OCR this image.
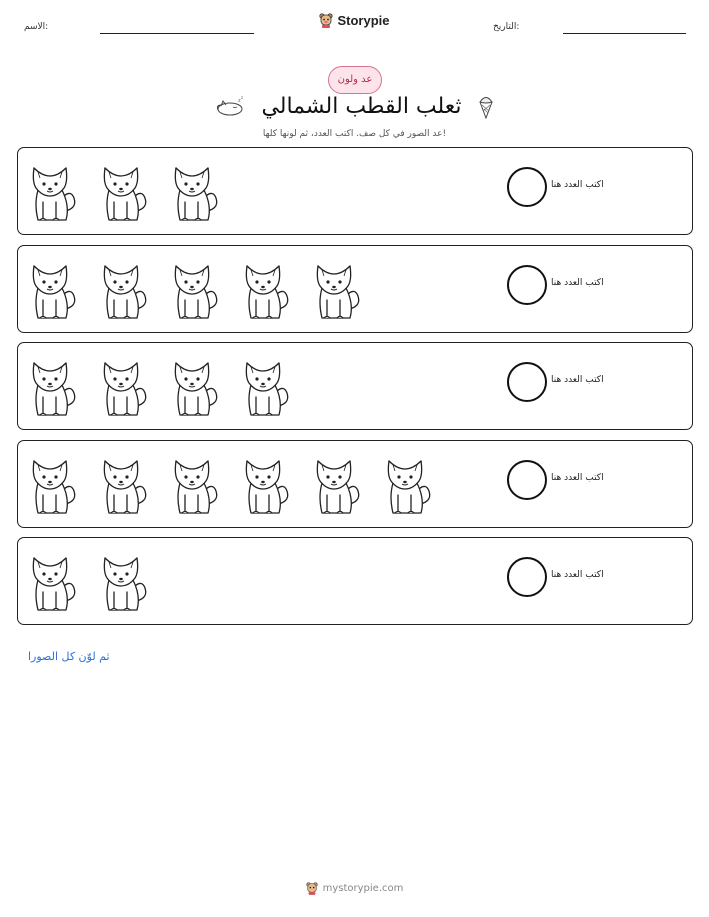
الاسم:	Storypie	التاريخ:
عد ولون
z
z ثعلب القطب الشمالي
عد الصور في كل صف. اكتب العدد، ثم لونها كلها!
اكتب العدد هنا
اكتب العدد هنا
اكتب العدد هنا
اكتب العدد هنا
اكتب العدد هنا
ثم لوّن كل الصورا
mystorypie.com
